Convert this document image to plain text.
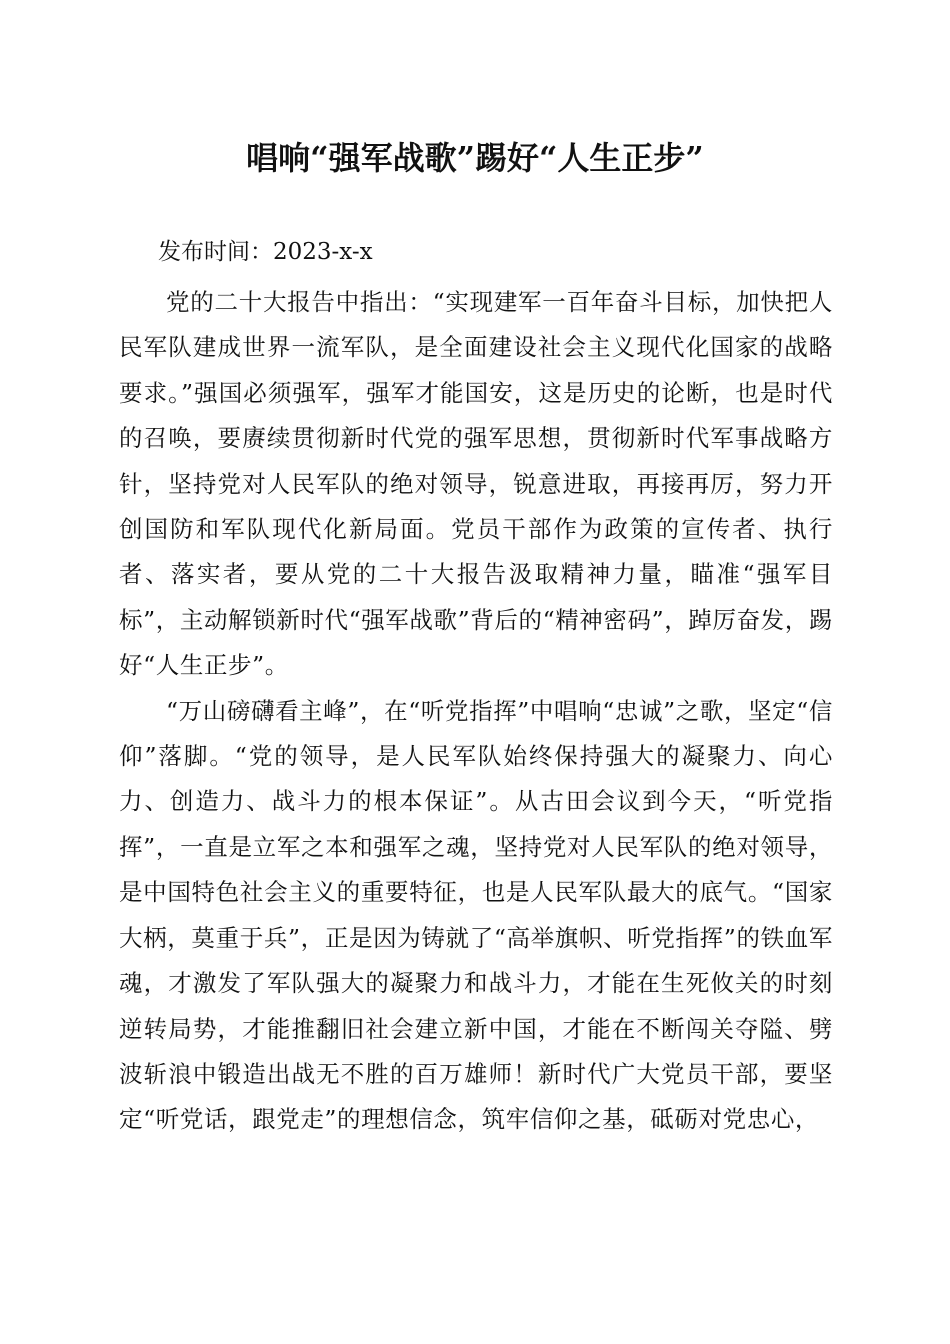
唱响“强军战歌”踢好“人生正步”
发布时间：2023-x-x

党的二十大报告中指出：“实现建军一百年奋斗目标，加快把人民军队建成世界一流军队，是全面建设社会主义现代化国家的战略要求。”强国必须强军，强军才能国安，这是历史的论断，也是时代的召唤，要赓续贯彻新时代党的强军思想，贯彻新时代军事战略方针，坚持党对人民军队的绝对领导，锐意进取，再接再厉，努力开创国防和军队现代化新局面。党员干部作为政策的宣传者、执行者、落实者，要从党的二十大报告汲取精神力量，瞄准“强军目标”，主动解锁新时代“强军战歌”背后的“精神密码”，踔厉奋发，踢好“人生正步”。

“万山磅礴看主峰”，在“听党指挥”中唱响“忠诚”之歌，坚定“信仰”落脚。“党的领导，是人民军队始终保持强大的凝聚力、向心力、创造力、战斗力的根本保证”。从古田会议到今天，“听党指挥”，一直是立军之本和强军之魂，坚持党对人民军队的绝对领导，是中国特色社会主义的重要特征，也是人民军队最大的底气。“国家大柄，莫重于兵”，正是因为铸就了“高举旗帜、听党指挥”的铁血军魂，才激发了军队强大的凝聚力和战斗力，才能在生死攸关的时刻逆转局势，才能推翻旧社会建立新中国，才能在不断闯关夺隘、劈波斩浪中锻造出战无不胜的百万雄师！新时代广大党员干部，要坚定“听党话，跟党走”的理想信念，筑牢信仰之基，砥砺对党忠心，
